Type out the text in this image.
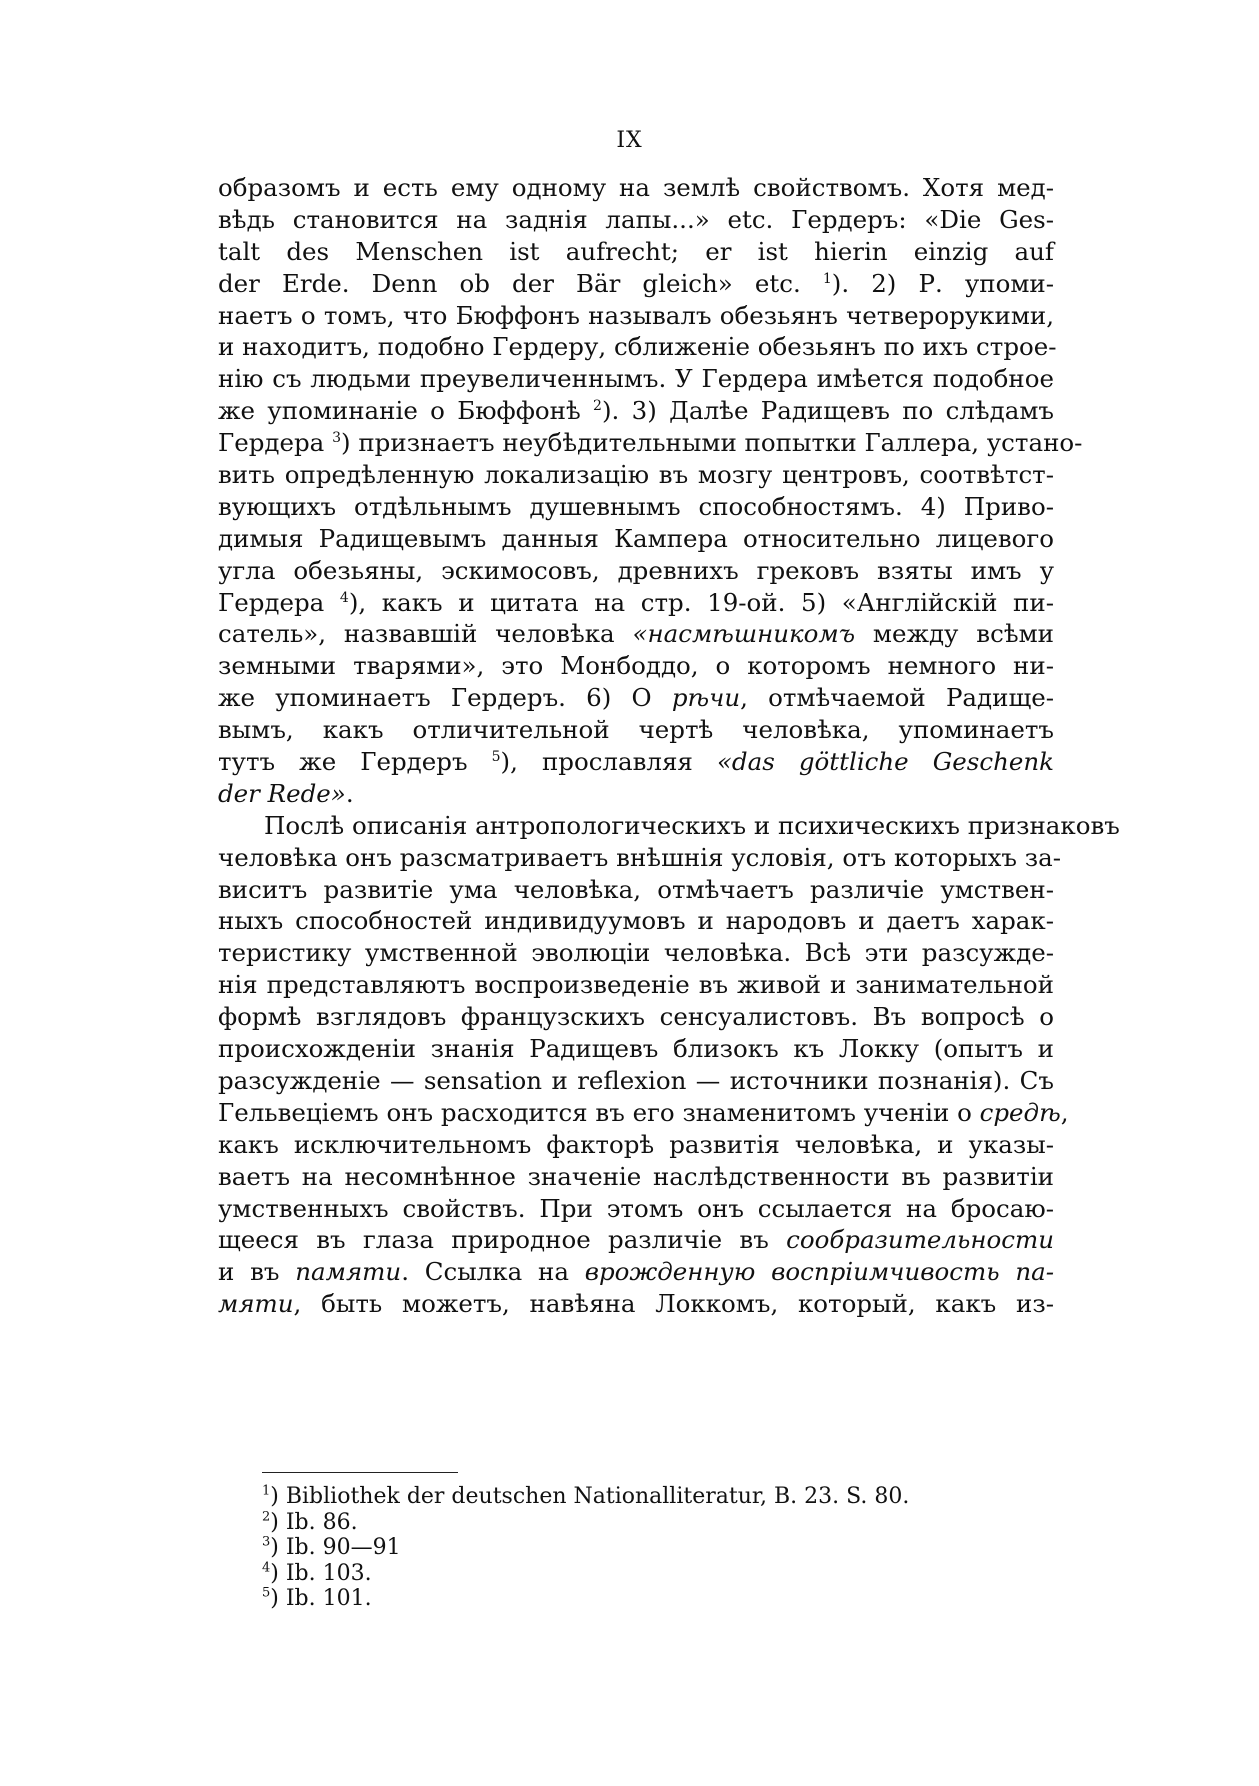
IX
образомъ и есть ему одному на землѣ свойствомъ. Хотя мед-
вѣдь становится на заднія лапы...» etc. Гердеръ: «Die Ges-
talt des Menschen ist aufrecht; er ist hierin einzig auf
der Erde. Denn ob der Bär gleich» etc. $^1$). 2) Р. упоми-
наетъ о томъ, что Бюффонъ называлъ обезьянъ четверорукими,
и находитъ, подобно Гердеру, сближеніе обезьянъ по ихъ строе-
нію съ людьми преувеличеннымъ. У Гердера имѣется подобное
же упоминаніе о Бюффонѣ $^2$). 3) Далѣе Радищевъ по слѣдамъ
Гердера $^3$) признаетъ неубѣдительными попытки Галлера, устано-
вить опредѣленную локализацію въ мозгу центровъ, соотвѣтст-
вующихъ отдѣльнымъ душевнымъ способностямъ. 4) Приво-
димыя Радищевымъ данныя Кампера относительно лицевого
угла обезьяны, эскимосовъ, древнихъ грековъ взяты имъ у
Гердера $^4$), какъ и цитата на стр. 19-ой. 5) «Англійскій пи-
сатель», назвавшій человѣка «насмѣшникомъ между всѣми
земными тварями», это Монбоддо, о которомъ немного ни-
же упоминаетъ Гердеръ. 6) О рѣчи, отмѣчаемой Радище-
вымъ, какъ отличительной чертѣ человѣка, упоминаетъ
тутъ же Гердеръ $^5$), прославляя «das göttliche Geschenk
der Rede».
Послѣ описанія антропологическихъ и психическихъ признаковъ
человѣка онъ разсматриваетъ внѣшнія условія, отъ которыхъ за-
виситъ развитіе ума человѣка, отмѣчаетъ различіе умствен-
ныхъ способностей индивидуумовъ и народовъ и даетъ харак-
теристику умственной эволюціи человѣка. Всѣ эти разсужде-
нія представляютъ воспроизведеніе въ живой и занимательной
формѣ взглядовъ французскихъ сенсуалистовъ. Въ вопросѣ о
происхожденіи знанія Радищевъ близокъ къ Локку (опытъ и
разсужденіе — sensation и reflexion — источники познанія). Съ
Гельвеціемъ онъ расходится въ его знаменитомъ ученіи о средѣ,
какъ исключительномъ факторѣ развитія человѣка, и указы-
ваетъ на несомнѣнное значеніе наслѣдственности въ развитіи
умственныхъ свойствъ. При этомъ онъ ссылается на бросаю-
щееся въ глаза природное различіе въ сообразительности
и въ памяти. Ссылка на врожденную воспріимчивость па-
мяти, быть можетъ, навѣяна Локкомъ, который, какъ из-
$^1$) Bibliothek der deutschen Nationalliteratur, B. 23. S. 80.
$^2$) Ib. 86.
$^3$) Ib. 90—91
$^4$) Ib. 103.
$^5$) Ib. 101.
